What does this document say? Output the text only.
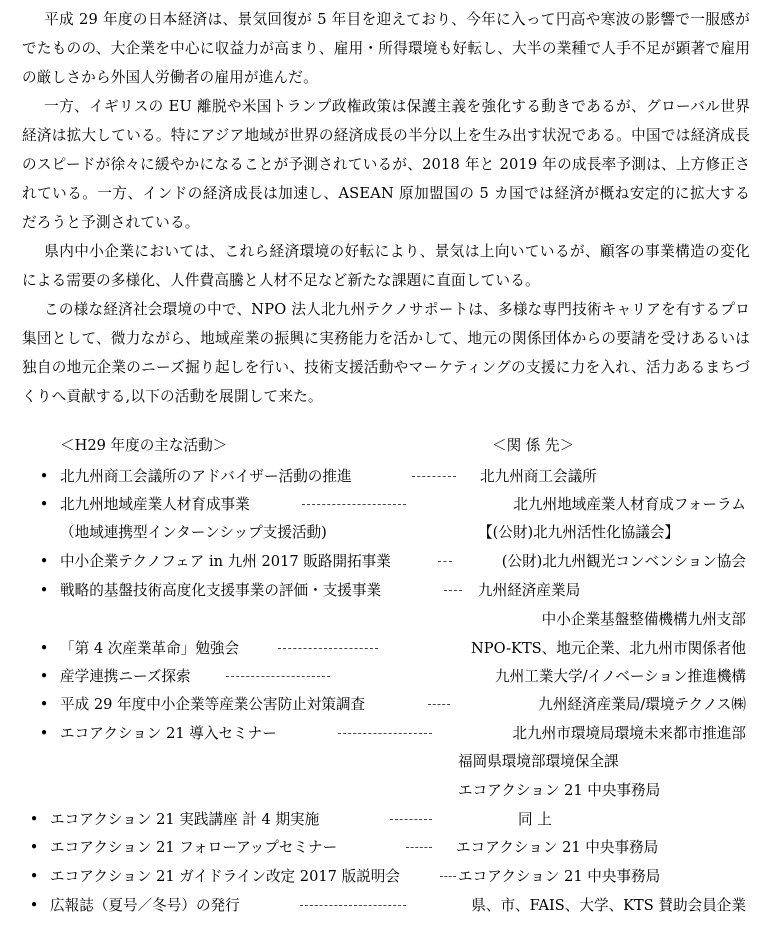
平成 29 年度の日本経済は、景気回復が 5 年目を迎えており、今年に入って円高や寒波の影響で一服感がでたものの、大企業を中心に収益力が高まり、雇用・所得環境も好転し、大半の業種で人手不足が顕著で雇用の厳しさから外国人労働者の雇用が進んだ。

一方、イギリスの EU 離脱や米国トランプ政権政策は保護主義を強化する動きであるが、グローバル世界経済は拡大している。特にアジア地域が世界の経済成長の半分以上を生み出す状況である。中国では経済成長のスピードが徐々に緩やかになることが予測されているが、2018 年と 2019 年の成長率予測は、上方修正されている。一方、インドの経済成長は加速し、ASEAN 原加盟国の 5 カ国では経済が概ね安定的に拡大するだろうと予測されている。

県内中小企業においては、これら経済環境の好転により、景気は上向いているが、顧客の事業構造の変化による需要の多様化、人件費高騰と人材不足など新たな課題に直面している。

この様な経済社会環境の中で、NPO 法人北九州テクノサポートは、多様な専門技術キャリアを有するプロ集団として、微力ながら、地域産業の振興に実務能力を活かして、地元の関係団体からの要請を受けあるいは独自の地元企業のニーズ掘り起しを行い、技術支援活動やマーケティングの支援に力を入れ、活力あるまちづくりへ貢献する,以下の活動を展開して来た。

＜H29 年度の主な活動＞	＜関 係 先＞
• 北九州商工会議所のアドバイザー活動の推進	北九州商工会議所
• 北九州地域産業人材育成事業	北九州地域産業人材育成フォーラム
（地域連携型インターンシップ支援活動)	【(公財)北九州活性化協議会】
• 中小企業テクノフェア in 九州 2017 販路開拓事業	(公財)北九州観光コンベンション協会
• 戦略的基盤技術高度化支援事業の評価・支援事業	九州経済産業局
中小企業基盤整備機構九州支部
• 「第 4 次産業革命」勉強会	NPO-KTS、地元企業、北九州市関係者他
• 産学連携ニーズ探索	九州工業大学/イノベーション推進機構
• 平成 29 年度中小企業等産業公害防止対策調査	九州経済産業局/環境テクノス㈱
• エコアクション 21 導入セミナー	北九州市環境局環境未来都市推進部
福岡県環境部環境保全課
エコアクション 21 中央事務局
• エコアクション 21 実践講座 計 4 期実施	同 上
• エコアクション 21 フォローアップセミナー	エコアクション 21 中央事務局
• エコアクション 21 ガイドライン改定 2017 版説明会	エコアクション 21 中央事務局
• 広報誌（夏号／冬号）の発行	県、市、FAIS、大学、KTS 賛助会員企業
